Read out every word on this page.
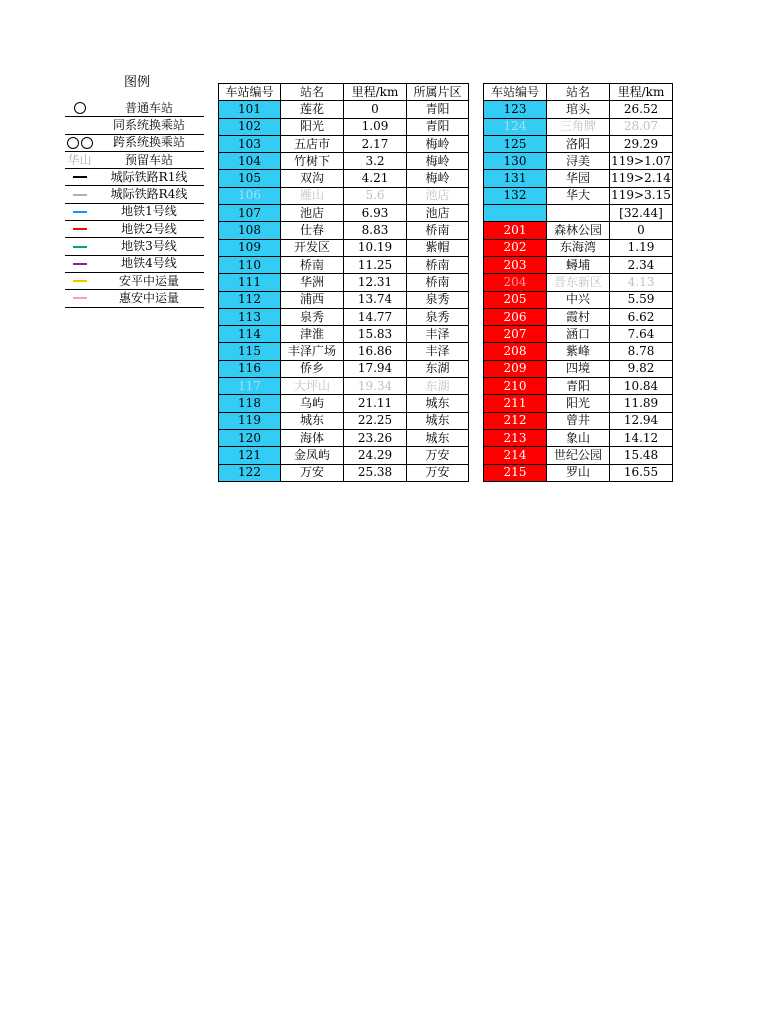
图例
	普通车站
	同系统换乘站
	跨系统换乘站
华山	预留车站
	城际铁路R1线
	城际铁路R4线
	地铁1号线
	地铁2号线
	地铁3号线
	地铁4号线
	安平中运量
	惠安中运量
车站编号	站名	里程/km	所属片区
101	莲花	0	青阳
102	阳光	1.09	青阳
103	五店市	2.17	梅岭
104	竹树下	3.2	梅岭
105	双沟	4.21	梅岭
106	雁山	5.6	池店
107	池店	6.93	池店
108	仕春	8.83	桥南
109	开发区	10.19	紫帽
110	桥南	11.25	桥南
111	华洲	12.31	桥南
112	浦西	13.74	泉秀
113	泉秀	14.77	泉秀
114	津淮	15.83	丰泽
115	丰泽广场	16.86	丰泽
116	侨乡	17.94	东湖
117	大坪山	19.34	东湖
118	乌屿	21.11	城东
119	城东	22.25	城东
120	海体	23.26	城东
121	金凤屿	24.29	万安
122	万安	25.38	万安
车站编号	站名	里程/km
123	琯头	26.52
124	三角牌	28.07
125	洛阳	29.29
130	浔美	119>1.07
131	华园	119>2.14
132	华大	119>3.15
		[32.44]
201	森林公园	0
202	东海湾	1.19
203	蟳埔	2.34
204	晋东新区	4.13
205	中兴	5.59
206	霞村	6.62
207	涵口	7.64
208	紫峰	8.78
209	四境	9.82
210	青阳	10.84
211	阳光	11.89
212	曾井	12.94
213	象山	14.12
214	世纪公园	15.48
215	罗山	16.55
